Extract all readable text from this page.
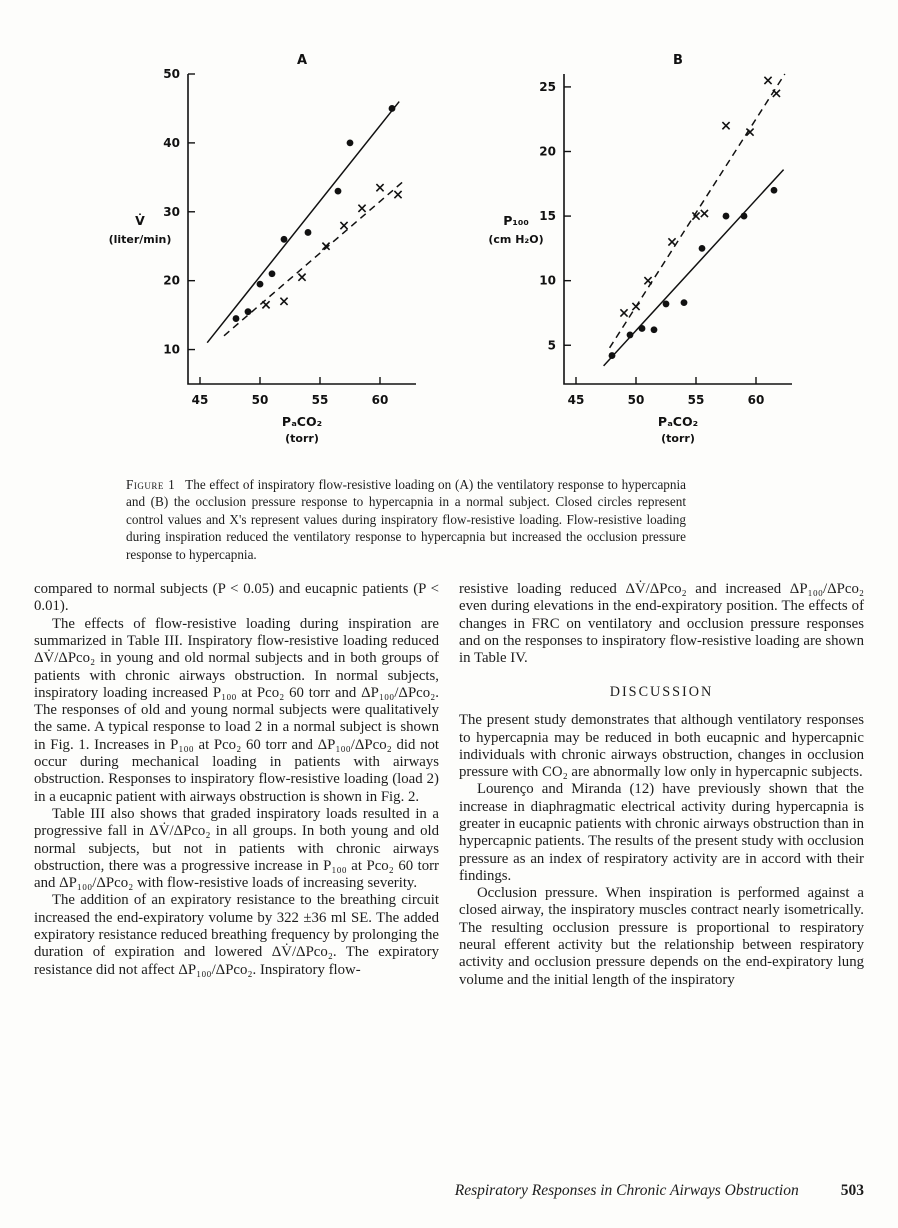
10
20
30
40
50
45	50	55	60
A
V̇
(liter/min)
PₐCO₂
(torr)
5
10
15
20
25
45	50	55	60
B
P₁₀₀
(cm H₂O)
PₐCO₂
(torr)

Figure 1 The effect of inspiratory flow-resistive loading on (A) the ventilatory response to hypercapnia and (B) the occlusion pressure response to hypercapnia in a normal subject. Closed circles represent control values and X's represent values during inspiratory flow-resistive loading. Flow-resistive loading during inspiration reduced the ventilatory response to hypercapnia but increased the occlusion pressure response to hypercapnia.

compared to normal subjects (P < 0.05) and eucapnic patients (P < 0.01).

The effects of flow-resistive loading during inspiration are summarized in Table III. Inspiratory flow-resistive loading reduced ΔV̇/ΔPco₂ in young and old normal subjects and in both groups of patients with chronic airways obstruction. In normal subjects, inspiratory loading increased P₁₀₀ at Pco₂ 60 torr and ΔP₁₀₀/ΔPco₂. The responses of old and young normal subjects were qualitatively the same. A typical response to load 2 in a normal subject is shown in Fig. 1. Increases in P₁₀₀ at Pco₂ 60 torr and ΔP₁₀₀/ΔPco₂ did not occur during mechanical loading in patients with airways obstruction. Responses to inspiratory flow-resistive loading (load 2) in a eucapnic patient with airways obstruction is shown in Fig. 2.

Table III also shows that graded inspiratory loads resulted in a progressive fall in ΔV̇/ΔPco₂ in all groups. In both young and old normal subjects, but not in patients with chronic airways obstruction, there was a progressive increase in P₁₀₀ at Pco₂ 60 torr and ΔP₁₀₀/ΔPco₂ with flow-resistive loads of increasing severity.

The addition of an expiratory resistance to the breathing circuit increased the end-expiratory volume by 322 ±36 ml SE. The added expiratory resistance reduced breathing frequency by prolonging the duration of expiration and lowered ΔV̇/ΔPco₂. The expiratory resistance did not affect ΔP₁₀₀/ΔPco₂. Inspiratory flow-

resistive loading reduced ΔV̇/ΔPco₂ and increased ΔP₁₀₀/ΔPco₂ even during elevations in the end-expiratory position. The effects of changes in FRC on ventilatory and occlusion pressure responses and on the responses to inspiratory flow-resistive loading are shown in Table IV.

DISCUSSION

The present study demonstrates that although ventilatory responses to hypercapnia may be reduced in both eucapnic and hypercapnic individuals with chronic airways obstruction, changes in occlusion pressure with CO₂ are abnormally low only in hypercapnic subjects.

Lourenço and Miranda (12) have previously shown that the increase in diaphragmatic electrical activity during hypercapnia is greater in eucapnic patients with chronic airways obstruction than in hypercapnic patients. The results of the present study with occlusion pressure as an index of respiratory activity are in accord with their findings.

Occlusion pressure. When inspiration is performed against a closed airway, the inspiratory muscles contract nearly isometrically. The resulting occlusion pressure is proportional to respiratory neural efferent activity but the relationship between respiratory activity and occlusion pressure depends on the end-expiratory lung volume and the initial length of the inspiratory

Respiratory Responses in Chronic Airways Obstruction	503
